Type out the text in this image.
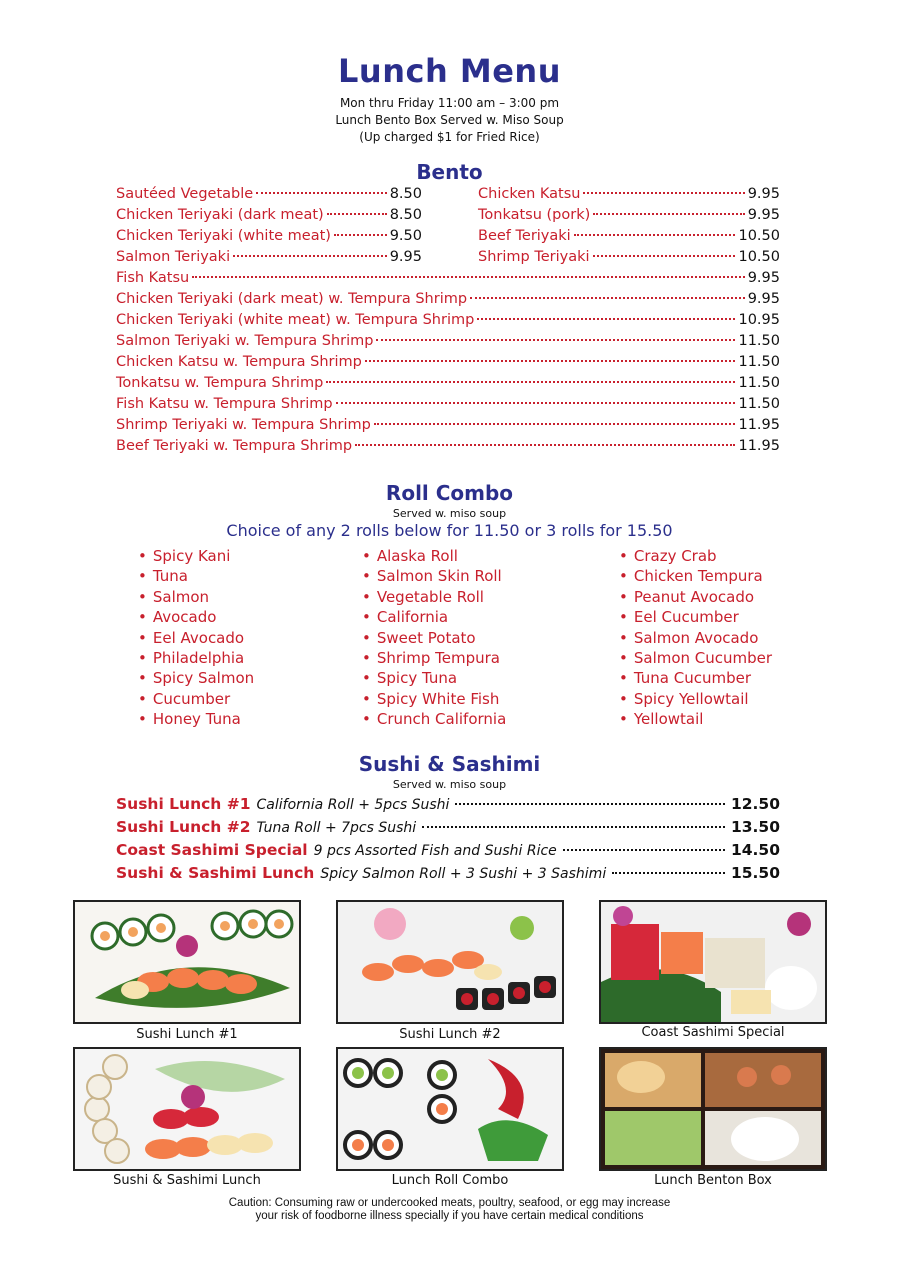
Lunch Menu
Mon thru Friday 11:00 am – 3:00 pm
Lunch Bento Box Served w. Miso Soup
(Up charged $1 for Fried Rice)
Bento
Sautéed Vegetable	8.50
Chicken Teriyaki (dark meat)	8.50
Chicken Teriyaki (white meat)	9.50
Salmon Teriyaki	9.95
Chicken Katsu	9.95
Tonkatsu (pork)	9.95
Beef Teriyaki	10.50
Shrimp Teriyaki	10.50
Fish Katsu	9.95
Chicken Teriyaki (dark meat) w. Tempura Shrimp	9.95
Chicken Teriyaki (white meat) w. Tempura Shrimp	10.95
Salmon Teriyaki w. Tempura Shrimp	11.50
Chicken Katsu w. Tempura Shrimp	11.50
Tonkatsu w. Tempura Shrimp	11.50
Fish Katsu w. Tempura Shrimp	11.50
Shrimp Teriyaki w. Tempura Shrimp	11.95
Beef Teriyaki w. Tempura Shrimp	11.95
Roll Combo
Served w. miso soup
Choice of any 2 rolls below for 11.50 or 3 rolls for 15.50
• Spicy Kani
• Tuna
• Salmon
• Avocado
• Eel Avocado
• Philadelphia
• Spicy Salmon
• Cucumber
• Honey Tuna
• Alaska Roll
• Salmon Skin Roll
• Vegetable Roll
• California
• Sweet Potato
• Shrimp Tempura
• Spicy Tuna
• Spicy White Fish
• Crunch California
• Crazy Crab
• Chicken Tempura
• Peanut Avocado
• Eel Cucumber
• Salmon Avocado
• Salmon Cucumber
• Tuna Cucumber
• Spicy Yellowtail
• Yellowtail
Sushi & Sashimi
Served w. miso soup
Sushi Lunch #1 California Roll + 5pcs Sushi	12.50
Sushi Lunch #2 Tuna Roll + 7pcs Sushi	13.50
Coast Sashimi Special 9 pcs Assorted Fish and Sushi Rice	14.50
Sushi & Sashimi Lunch Spicy Salmon Roll + 3 Sushi + 3 Sashimi	15.50
Sushi Lunch #1	Sushi Lunch #2	Coast Sashimi Special
Sushi & Sashimi Lunch	Lunch Roll Combo	Lunch Benton Box
Caution: Consuming raw or undercooked meats, poultry, seafood, or egg may increase
your risk of foodborne illness specially if you have certain medical conditions
